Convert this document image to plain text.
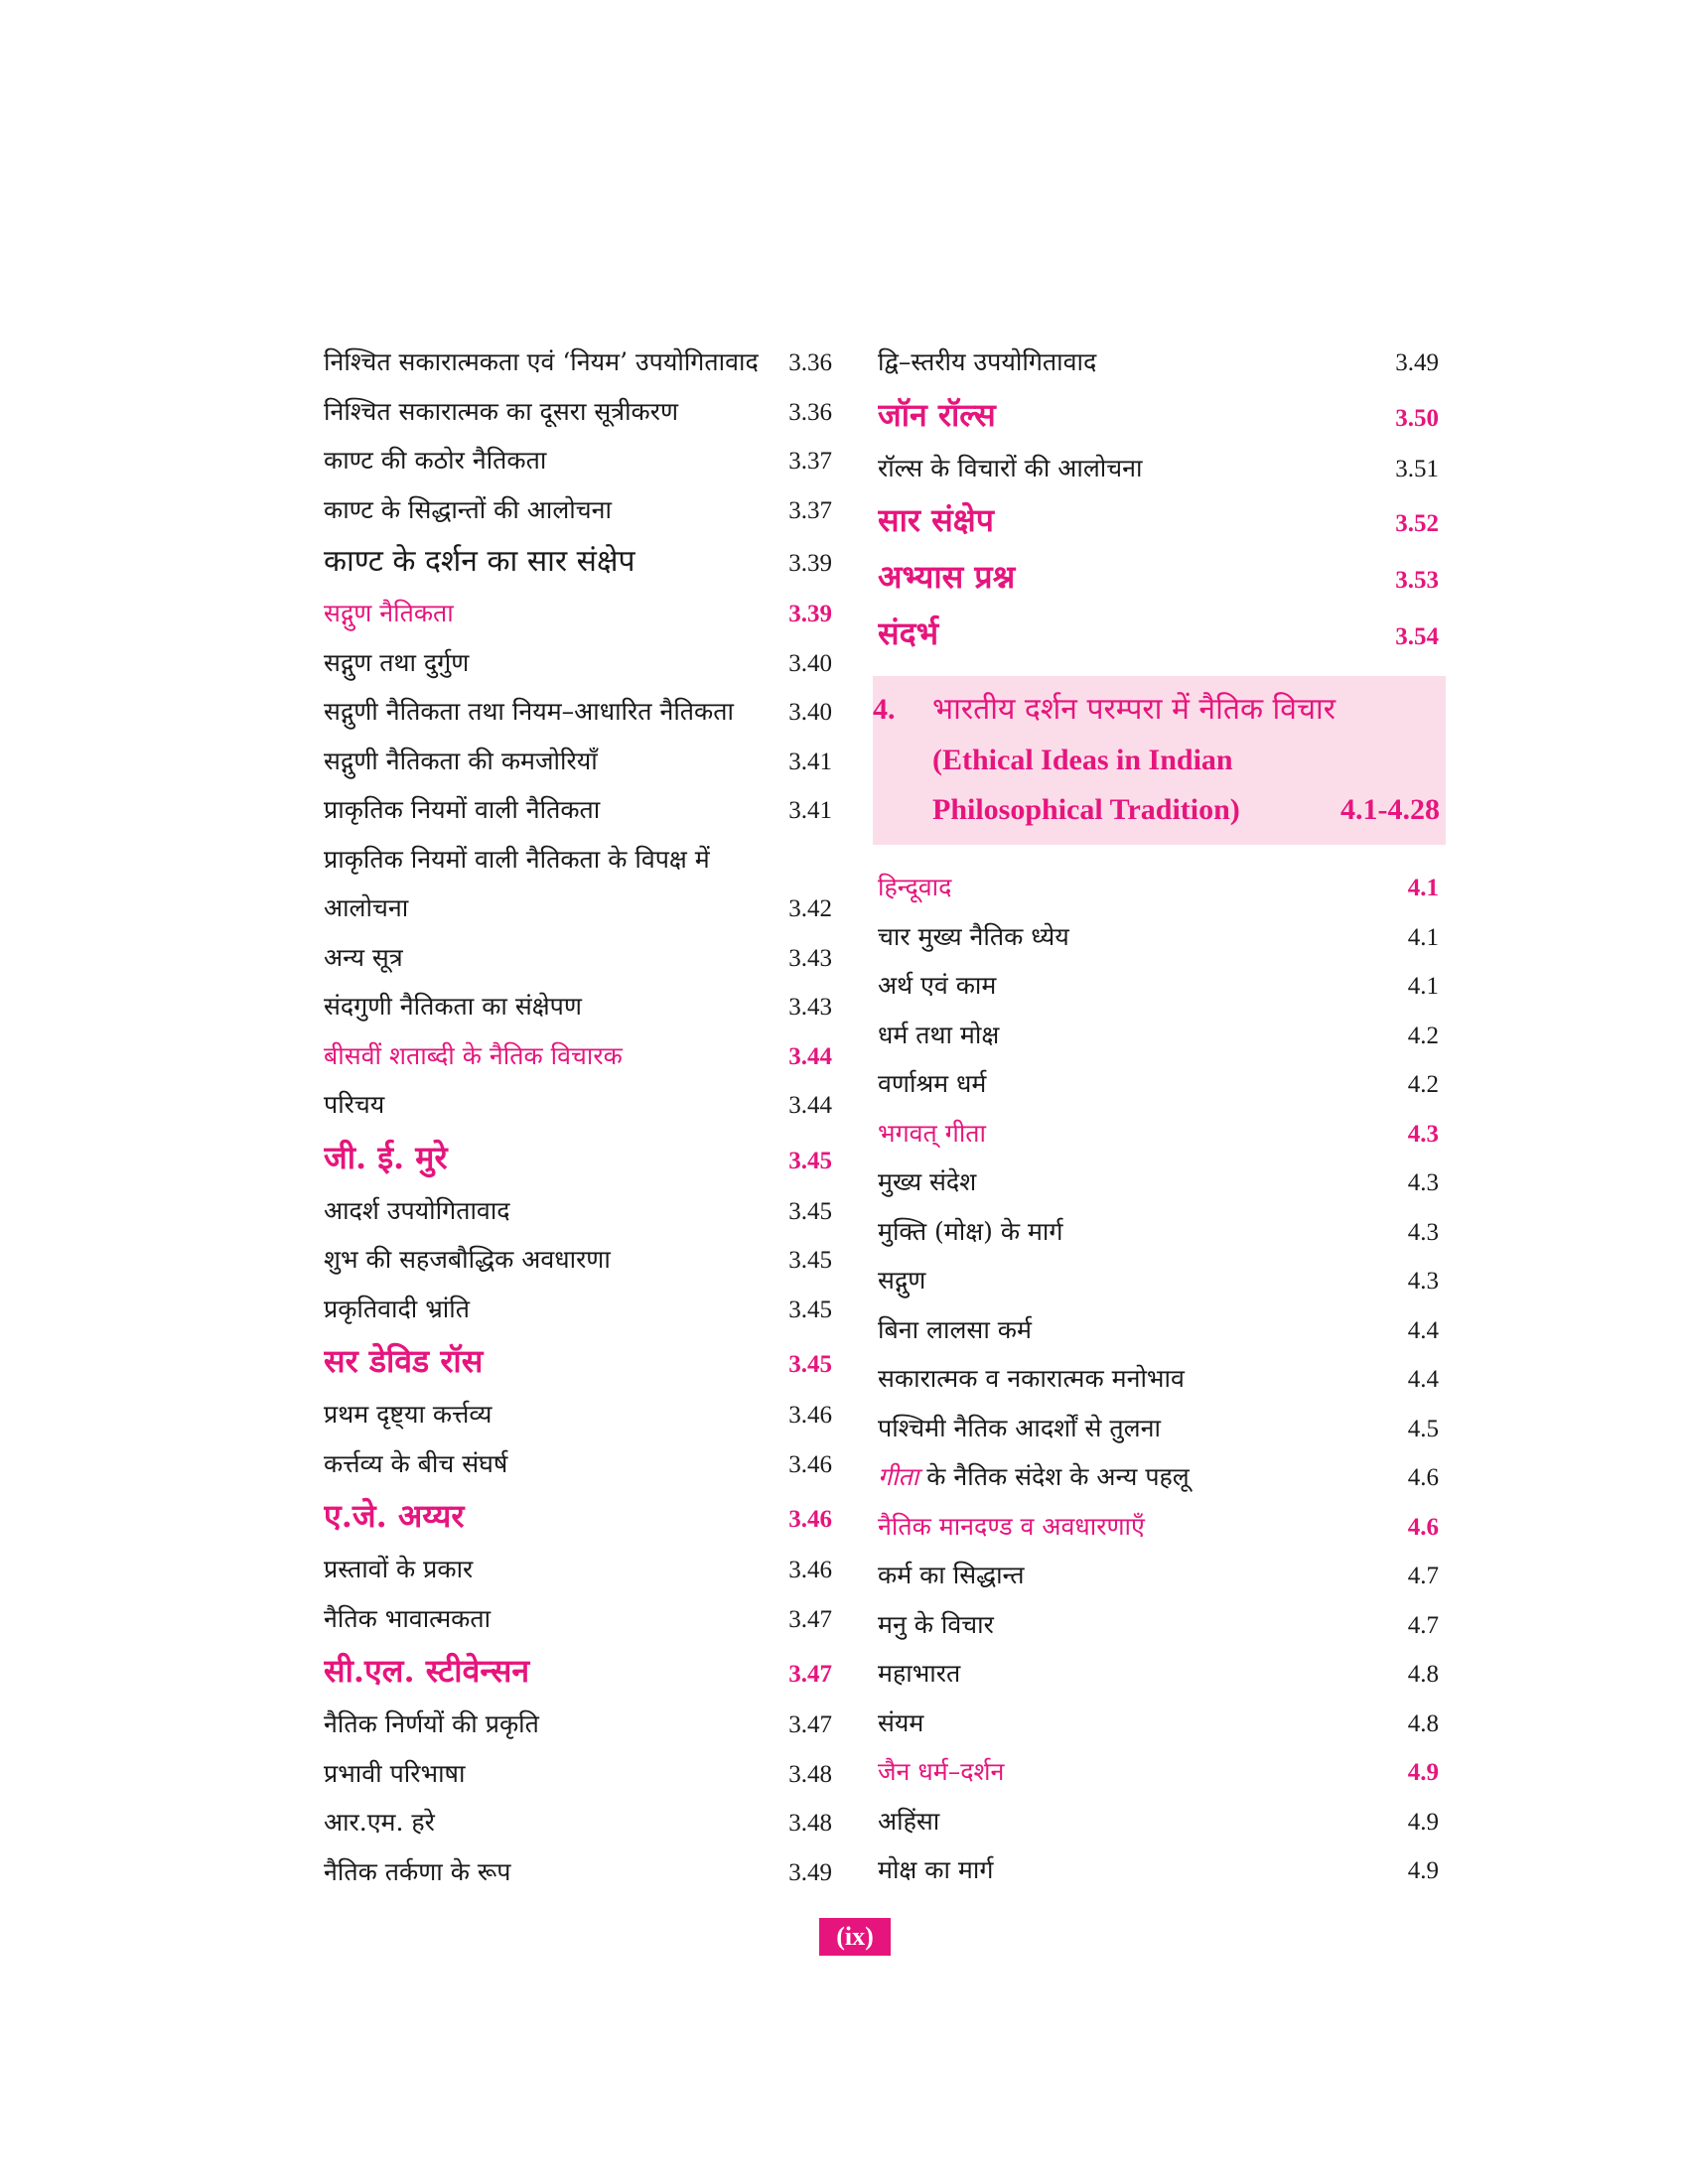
निश्चित सकारात्मकता एवं ‘नियम’ उपयोगितावाद	3.36
निश्चित सकारात्मक का दूसरा सूत्रीकरण	3.36
काण्ट की कठोर नैतिकता	3.37
काण्ट के सिद्धान्तों की आलोचना	3.37
काण्ट के दर्शन का सार संक्षेप	3.39
सद्गुण नैतिकता	3.39
सद्गुण तथा दुर्गुण	3.40
सद्गुणी नैतिकता तथा नियम–आधारित नैतिकता	3.40
सद्गुणी नैतिकता की कमजोरियाँ	3.41
प्राकृतिक नियमों वाली नैतिकता	3.41
प्राकृतिक नियमों वाली नैतिकता के विपक्ष में
आलोचना	3.42
अन्य सूत्र	3.43
संदगुणी नैतिकता का संक्षेपण	3.43
बीसवीं शताब्दी के नैतिक विचारक	3.44
परिचय	3.44
जी. ई. मुरे	3.45
आदर्श उपयोगितावाद	3.45
शुभ की सहजबौद्धिक अवधारणा	3.45
प्रकृतिवादी भ्रांति	3.45
सर डेविड रॉस	3.45
प्रथम दृष्ट्या कर्त्तव्य	3.46
कर्त्तव्य के बीच संघर्ष	3.46
ए.जे. अय्यर	3.46
प्रस्तावों के प्रकार	3.46
नैतिक भावात्मकता	3.47
सी.एल. स्टीवेन्सन	3.47
नैतिक निर्णयों की प्रकृति	3.47
प्रभावी परिभाषा	3.48
आर.एम. हरे	3.48
नैतिक तर्कणा के रूप	3.49
द्वि–स्तरीय उपयोगितावाद	3.49
जॉन रॉल्स	3.50
रॉल्स के विचारों की आलोचना	3.51
सार संक्षेप	3.52
अभ्यास प्रश्न	3.53
संदर्भ	3.54
4. भारतीय दर्शन परम्परा में नैतिक विचार
(Ethical Ideas in Indian
Philosophical Tradition)	4.1-4.28
हिन्दूवाद	4.1
चार मुख्य नैतिक ध्येय	4.1
अर्थ एवं काम	4.1
धर्म तथा मोक्ष	4.2
वर्णाश्रम धर्म	4.2
भगवत् गीता	4.3
मुख्य संदेश	4.3
मुक्ति (मोक्ष) के मार्ग	4.3
सद्गुण	4.3
बिना लालसा कर्म	4.4
सकारात्मक व नकारात्मक मनोभाव	4.4
पश्चिमी नैतिक आदर्शों से तुलना	4.5
गीता के नैतिक संदेश के अन्य पहलू	4.6
नैतिक मानदण्ड व अवधारणाएँ	4.6
कर्म का सिद्धान्त	4.7
मनु के विचार	4.7
महाभारत	4.8
संयम	4.8
जैन धर्म–दर्शन	4.9
अहिंसा	4.9
मोक्ष का मार्ग	4.9
(ix)
